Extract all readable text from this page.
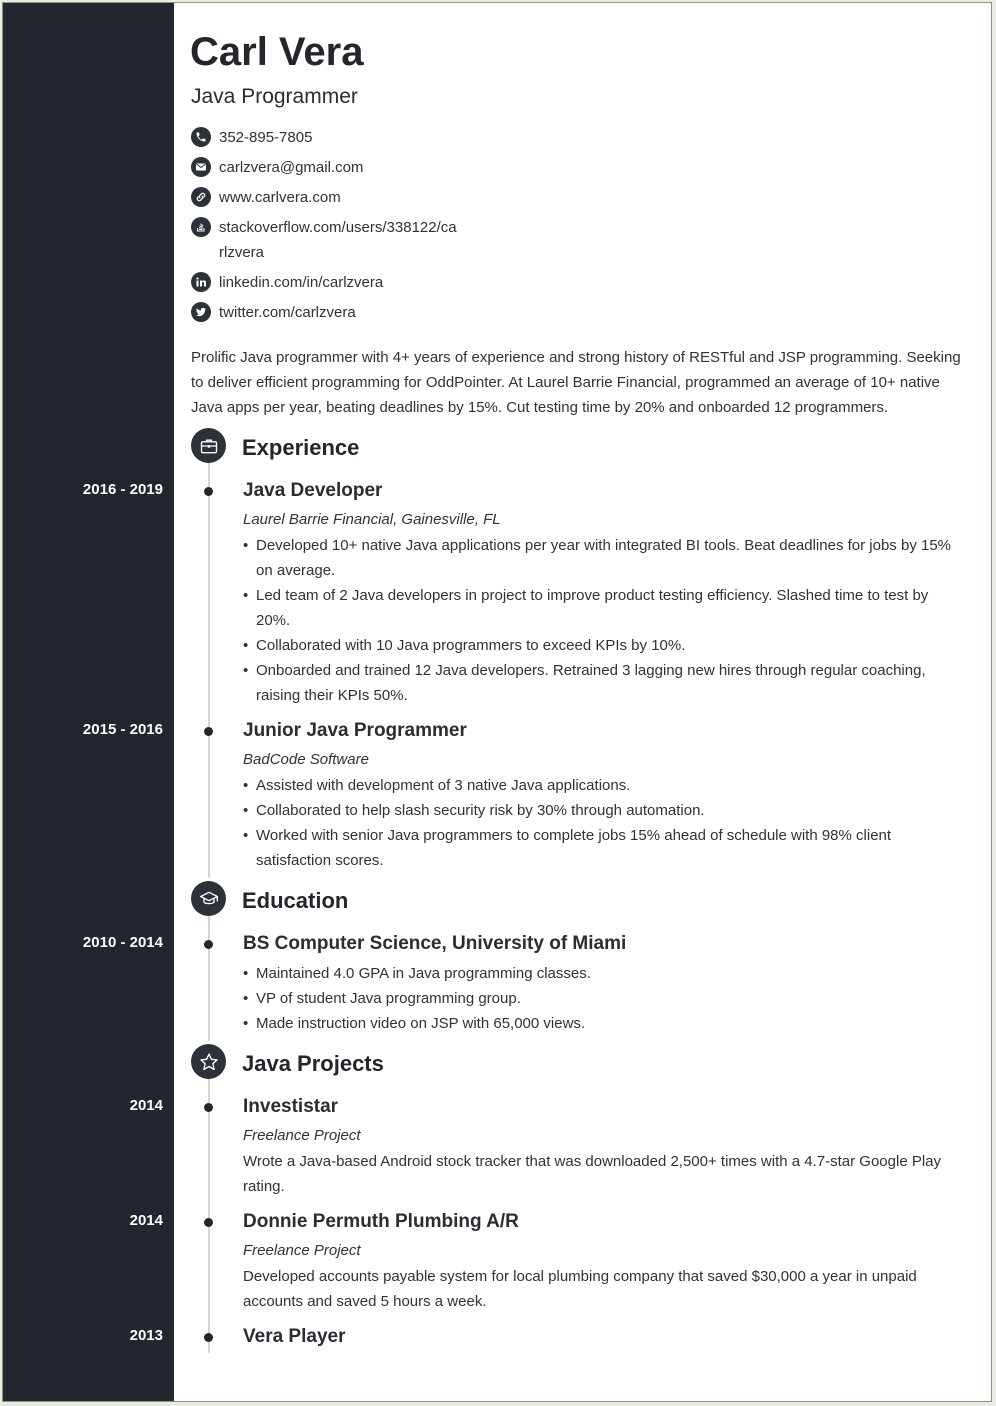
Carl Vera
Java Programmer
352-895-7805
carlzvera@gmail.com
www.carlvera.com
stackoverflow.com/users/338122/ca
rlzvera
linkedin.com/in/carlzvera
twitter.com/carlzvera
Prolific Java programmer with 4+ years of experience and strong history of RESTful and JSP programming. Seeking to deliver efficient programming for OddPointer. At Laurel Barrie Financial, programmed an average of 10+ native Java apps per year, beating deadlines by 15%. Cut testing time by 20% and onboarded 12 programmers.
Experience
2016 - 2019	Java Developer
Laurel Barrie Financial, Gainesville, FL
• Developed 10+ native Java applications per year with integrated BI tools. Beat deadlines for jobs by 15% on average.
• Led team of 2 Java developers in project to improve product testing efficiency. Slashed time to test by 20%.
• Collaborated with 10 Java programmers to exceed KPIs by 10%.
• Onboarded and trained 12 Java developers. Retrained 3 lagging new hires through regular coaching, raising their KPIs 50%.
2015 - 2016	Junior Java Programmer
BadCode Software
• Assisted with development of 3 native Java applications.
• Collaborated to help slash security risk by 30% through automation.
• Worked with senior Java programmers to complete jobs 15% ahead of schedule with 98% client satisfaction scores.
Education
2010 - 2014	BS Computer Science, University of Miami
• Maintained 4.0 GPA in Java programming classes.
• VP of student Java programming group.
• Made instruction video on JSP with 65,000 views.
Java Projects
2014	Investistar
Freelance Project
Wrote a Java-based Android stock tracker that was downloaded 2,500+ times with a 4.7-star Google Play rating.
2014	Donnie Permuth Plumbing A/R
Freelance Project
Developed accounts payable system for local plumbing company that saved $30,000 a year in unpaid accounts and saved 5 hours a week.
2013	Vera Player
